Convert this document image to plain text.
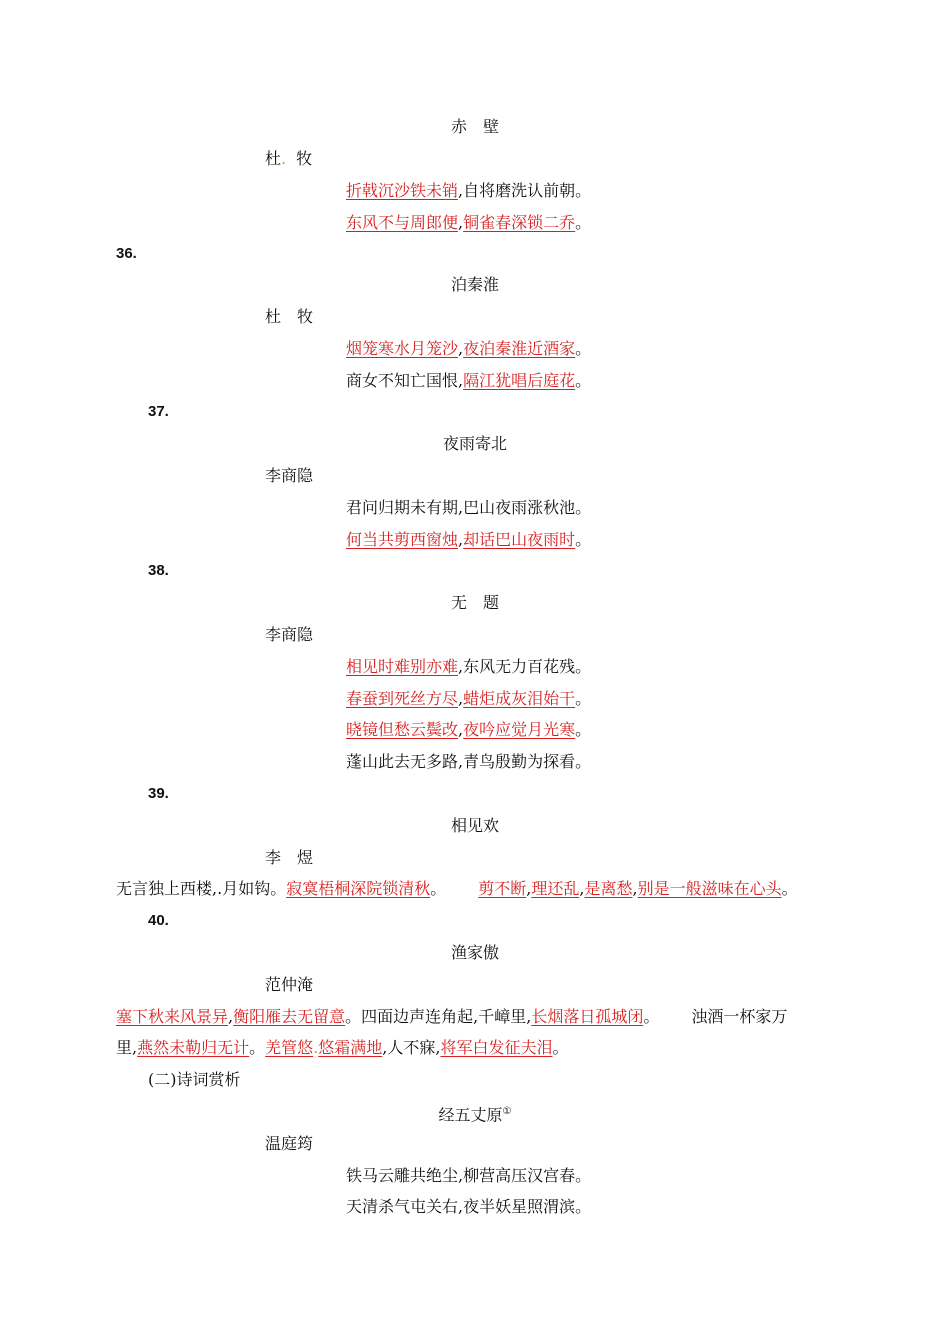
赤　壁
杜. 牧
折戟沉沙铁未销,自将磨洗认前朝。
东风不与周郎便,铜雀春深锁二乔。
36.
泊秦淮
杜　牧
烟笼寒水月笼沙,夜泊秦淮近酒家。
商女不知亡国恨,隔江犹唱后庭花。
37.
夜雨寄北
李商隐
君问归期未有期,巴山夜雨涨秋池。
何当共剪西窗烛,却话巴山夜雨时。
38.
无　题
李商隐
相见时难别亦难,东风无力百花残。
春蚕到死丝方尽,蜡炬成灰泪始干。
晓镜但愁云鬓改,夜吟应觉月光寒。
蓬山此去无多路,青鸟殷勤为探看。
39.
相见欢
李　煜
无言独上西楼,.月如钩。寂寞梧桐深院锁清秋。 剪不断,理还乱,是离愁,别是一般滋味在心头。
40.
渔家傲
范仲淹
塞下秋来风景异,衡阳雁去无留意。四面边声连角起,千嶂里,长烟落日孤城闭。 浊酒一杯家万
里,燕然未勒归无计。羌管悠.悠霜满地,人不寐,将军白发征夫泪。
(二)诗词赏析
经五丈原①
温庭筠
铁马云雕共绝尘,柳营高压汉宫春。
天清杀气屯关右,夜半妖星照渭滨。
